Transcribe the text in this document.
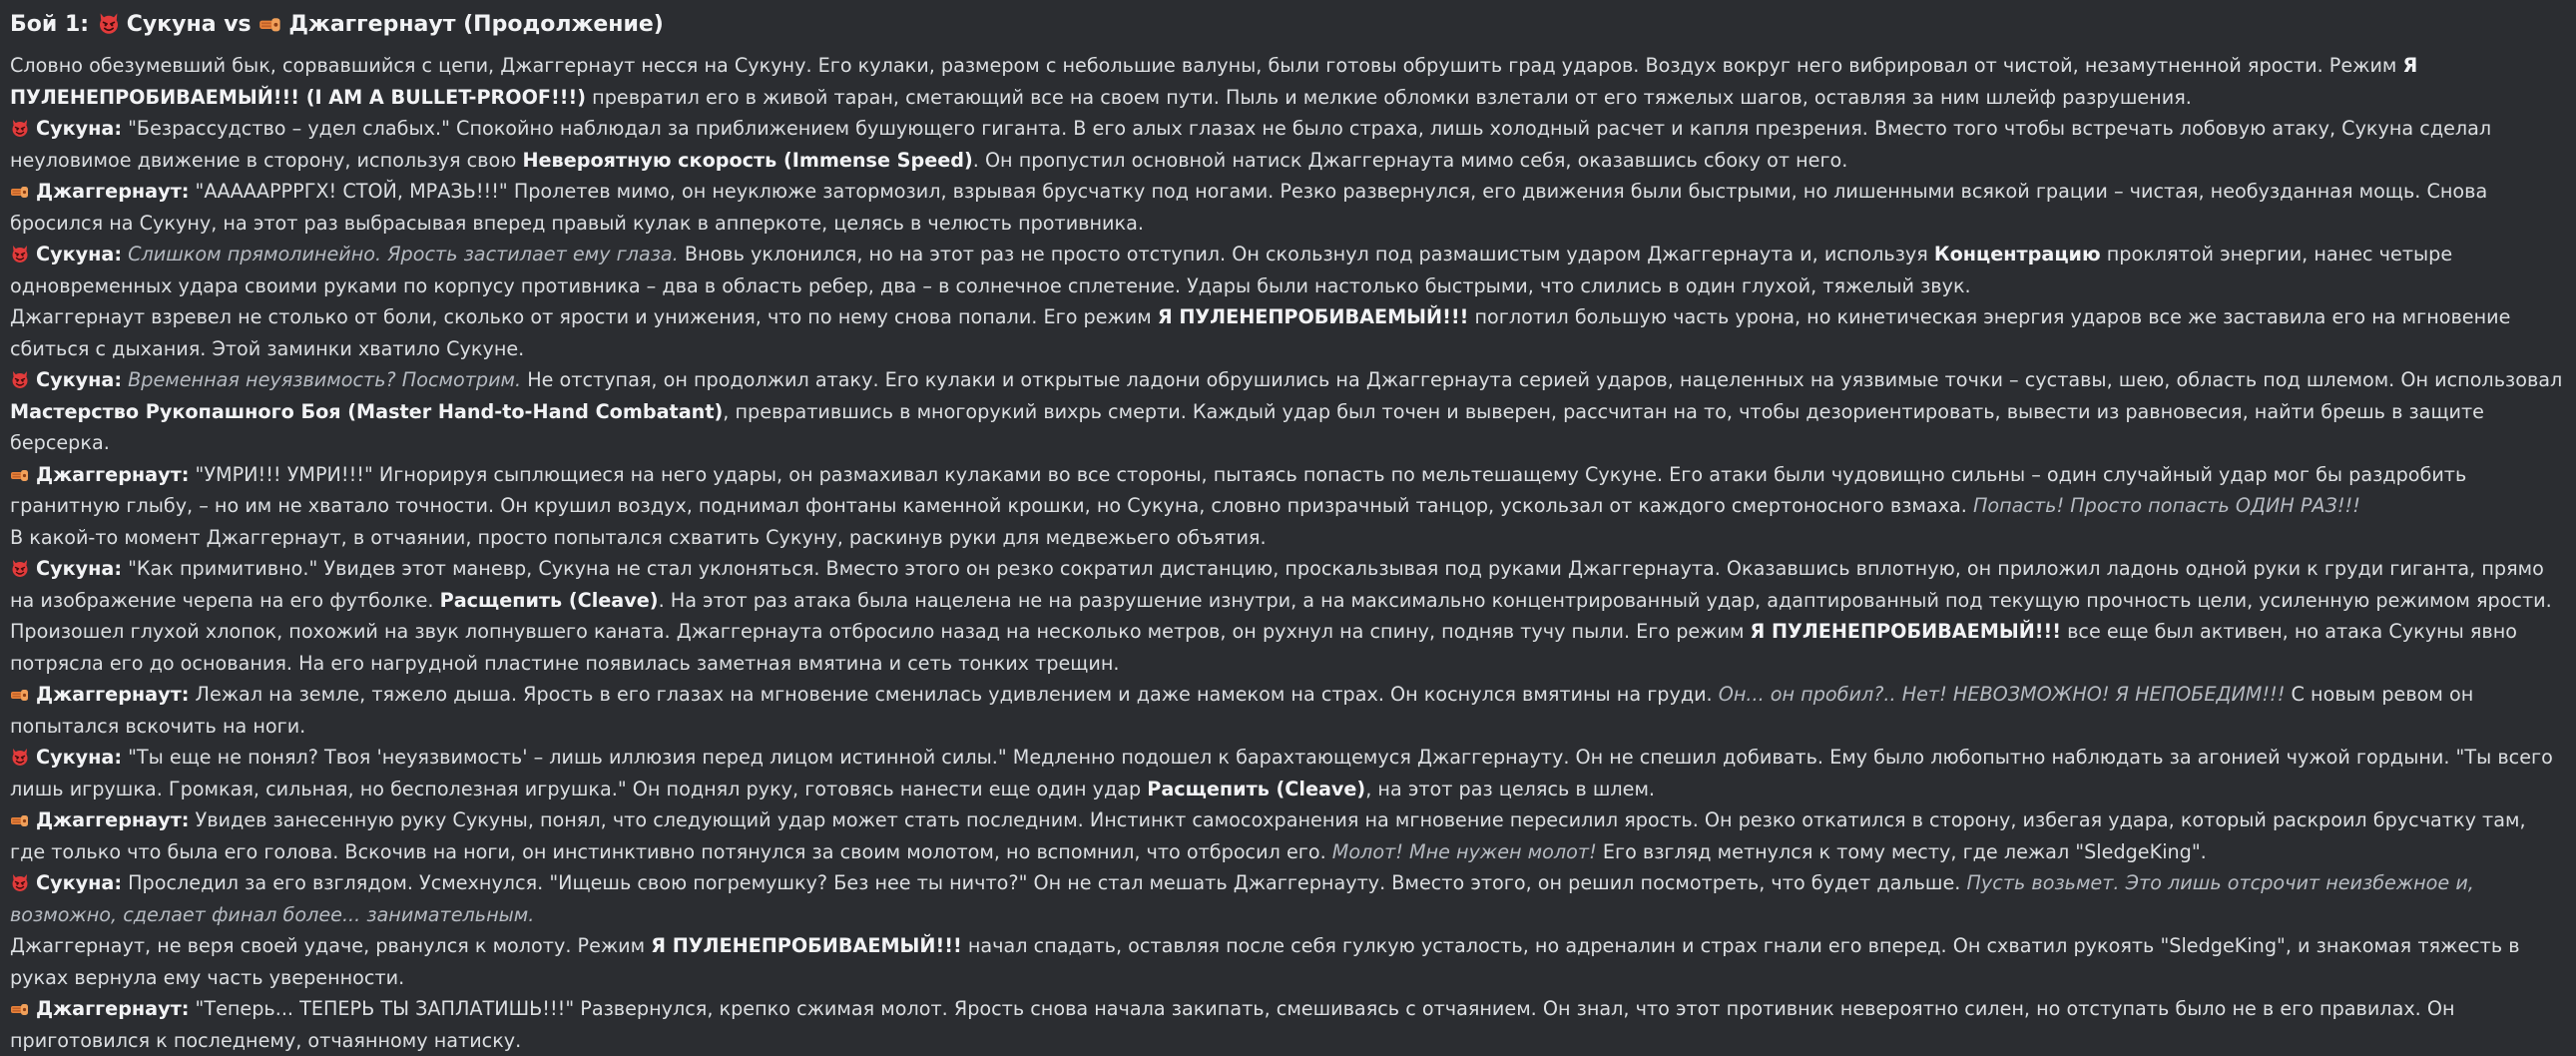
Бой 1: Сукуна vs Джаггернаут (Продолжение)

Словно обезумевший бык, сорвавшийся с цепи, Джаггернаут несся на Сукуну. Его кулаки, размером с небольшие валуны, были готовы обрушить град ударов. Воздух вокруг него вибрировал от чистой, незамутненной ярости. Режим Я ПУЛЕНЕПРОБИВАЕМЫЙ!!! (I AM A BULLET-PROOF!!!) превратил его в живой таран, сметающий все на своем пути. Пыль и мелкие обломки взлетали от его тяжелых шагов, оставляя за ним шлейф разрушения.

Сукуна: "Безрассудство – удел слабых." Спокойно наблюдал за приближением бушующего гиганта. В его алых глазах не было страха, лишь холодный расчет и капля презрения. Вместо того чтобы встречать лобовую атаку, Сукуна сделал неуловимое движение в сторону, используя свою Невероятную скорость (Immense Speed). Он пропустил основной натиск Джаггернаута мимо себя, оказавшись сбоку от него.

Джаггернаут: "АААААРРРГХ! СТОЙ, МРАЗЬ!!!" Пролетев мимо, он неуклюже затормозил, взрывая брусчатку под ногами. Резко развернулся, его движения были быстрыми, но лишенными всякой грации – чистая, необузданная мощь. Снова бросился на Сукуну, на этот раз выбрасывая вперед правый кулак в апперкоте, целясь в челюсть противника.

Сукуна: Слишком прямолинейно. Ярость застилает ему глаза. Вновь уклонился, но на этот раз не просто отступил. Он скользнул под размашистым ударом Джаггернаута и, используя Концентрацию проклятой энергии, нанес четыре одновременных удара своими руками по корпусу противника – два в область ребер, два – в солнечное сплетение. Удары были настолько быстрыми, что слились в один глухой, тяжелый звук.

Джаггернаут взревел не столько от боли, сколько от ярости и унижения, что по нему снова попали. Его режим Я ПУЛЕНЕПРОБИВАЕМЫЙ!!! поглотил большую часть урона, но кинетическая энергия ударов все же заставила его на мгновение сбиться с дыхания. Этой заминки хватило Сукуне.

Сукуна: Временная неуязвимость? Посмотрим. Не отступая, он продолжил атаку. Его кулаки и открытые ладони обрушились на Джаггернаута серией ударов, нацеленных на уязвимые точки – суставы, шею, область под шлемом. Он использовал Мастерство Рукопашного Боя (Master Hand-to-Hand Combatant), превратившись в многорукий вихрь смерти. Каждый удар был точен и выверен, рассчитан на то, чтобы дезориентировать, вывести из равновесия, найти брешь в защите берсерка.

Джаггернаут: "УМРИ!!! УМРИ!!!" Игнорируя сыплющиеся на него удары, он размахивал кулаками во все стороны, пытаясь попасть по мельтешащему Сукуне. Его атаки были чудовищно сильны – один случайный удар мог бы раздробить гранитную глыбу, – но им не хватало точности. Он крушил воздух, поднимал фонтаны каменной крошки, но Сукуна, словно призрачный танцор, ускользал от каждого смертоносного взмаха. Попасть! Просто попасть ОДИН РАЗ!!!

В какой-то момент Джаггернаут, в отчаянии, просто попытался схватить Сукуну, раскинув руки для медвежьего объятия.

Сукуна: "Как примитивно." Увидев этот маневр, Сукуна не стал уклоняться. Вместо этого он резко сократил дистанцию, проскальзывая под руками Джаггернаута. Оказавшись вплотную, он приложил ладонь одной руки к груди гиганта, прямо на изображение черепа на его футболке. Расщепить (Cleave). На этот раз атака была нацелена не на разрушение изнутри, а на максимально концентрированный удар, адаптированный под текущую прочность цели, усиленную режимом ярости.

Произошел глухой хлопок, похожий на звук лопнувшего каната. Джаггернаута отбросило назад на несколько метров, он рухнул на спину, подняв тучу пыли. Его режим Я ПУЛЕНЕПРОБИВАЕМЫЙ!!! все еще был активен, но атака Сукуны явно потрясла его до основания. На его нагрудной пластине появилась заметная вмятина и сеть тонких трещин.

Джаггернаут: Лежал на земле, тяжело дыша. Ярость в его глазах на мгновение сменилась удивлением и даже намеком на страх. Он коснулся вмятины на груди. Он... он пробил?.. Нет! НЕВОЗМОЖНО! Я НЕПОБЕДИМ!!! С новым ревом он попытался вскочить на ноги.

Сукуна: "Ты еще не понял? Твоя 'неуязвимость' – лишь иллюзия перед лицом истинной силы." Медленно подошел к барахтающемуся Джаггернауту. Он не спешил добивать. Ему было любопытно наблюдать за агонией чужой гордыни. "Ты всего лишь игрушка. Громкая, сильная, но бесполезная игрушка." Он поднял руку, готовясь нанести еще один удар Расщепить (Cleave), на этот раз целясь в шлем.

Джаггернаут: Увидев занесенную руку Сукуны, понял, что следующий удар может стать последним. Инстинкт самосохранения на мгновение пересилил ярость. Он резко откатился в сторону, избегая удара, который раскроил брусчатку там, где только что была его голова. Вскочив на ноги, он инстинктивно потянулся за своим молотом, но вспомнил, что отбросил его. Молот! Мне нужен молот! Его взгляд метнулся к тому месту, где лежал "SledgeKing".

Сукуна: Проследил за его взглядом. Усмехнулся. "Ищешь свою погремушку? Без нее ты ничто?" Он не стал мешать Джаггернауту. Вместо этого, он решил посмотреть, что будет дальше. Пусть возьмет. Это лишь отсрочит неизбежное и, возможно, сделает финал более... занимательным.

Джаггернаут, не веря своей удаче, рванулся к молоту. Режим Я ПУЛЕНЕПРОБИВАЕМЫЙ!!! начал спадать, оставляя после себя гулкую усталость, но адреналин и страх гнали его вперед. Он схватил рукоять "SledgeKing", и знакомая тяжесть в руках вернула ему часть уверенности.

Джаггернаут: "Теперь... ТЕПЕРЬ ТЫ ЗАПЛАТИШЬ!!!" Развернулся, крепко сжимая молот. Ярость снова начала закипать, смешиваясь с отчаянием. Он знал, что этот противник невероятно силен, но отступать было не в его правилах. Он приготовился к последнему, отчаянному натиску.
